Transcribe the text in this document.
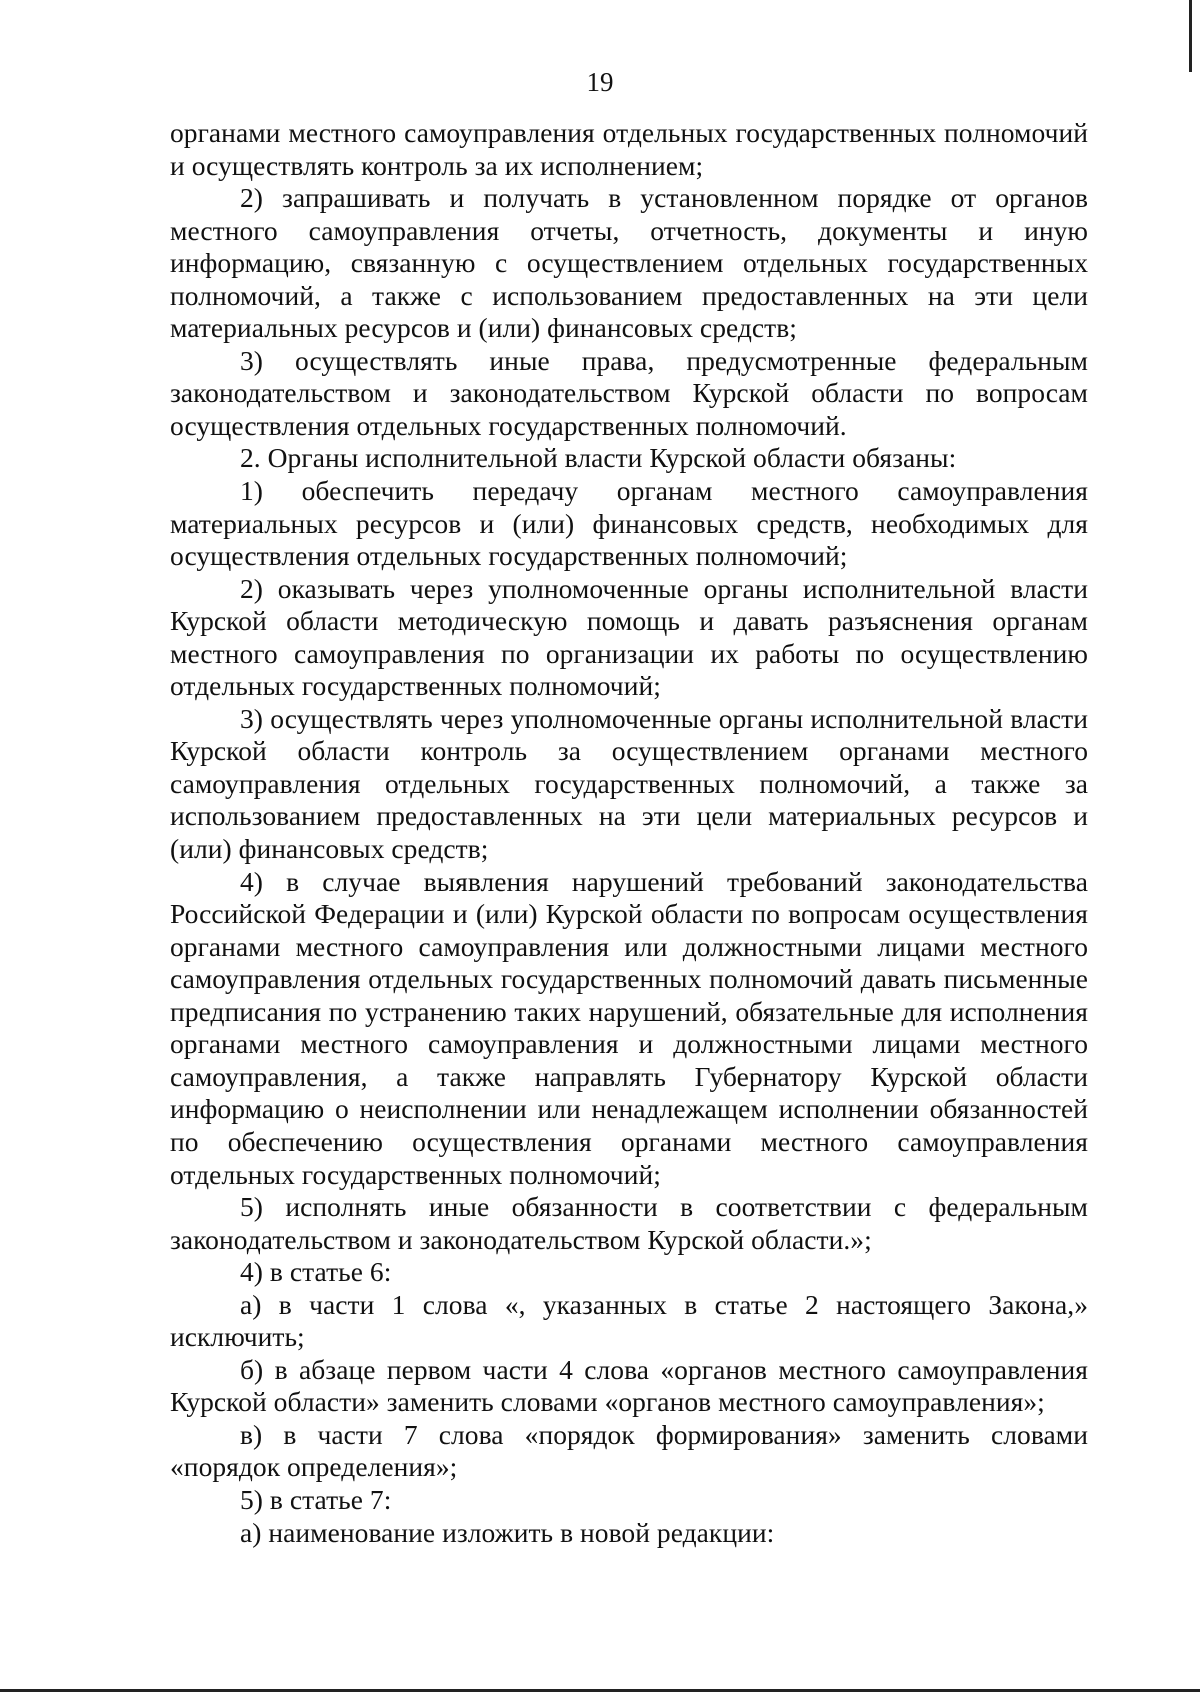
19

органами местного самоуправления отдельных государственных полномочий и осуществлять контроль за их исполнением;

2) запрашивать и получать в установленном порядке от органов местного самоуправления отчеты, отчетность, документы и иную информацию, связанную с осуществлением отдельных государственных полномочий, а также с использованием предоставленных на эти цели материальных ресурсов и (или) финансовых средств;

3) осуществлять иные права, предусмотренные федеральным законодательством и законодательством Курской области по вопросам осуществления отдельных государственных полномочий.

2. Органы исполнительной власти Курской области обязаны:

1) обеспечить передачу органам местного самоуправления материальных ресурсов и (или) финансовых средств, необходимых для осуществления отдельных государственных полномочий;

2) оказывать через уполномоченные органы исполнительной власти Курской области методическую помощь и давать разъяснения органам местного самоуправления по организации их работы по осуществлению отдельных государственных полномочий;

3) осуществлять через уполномоченные органы исполнительной власти Курской области контроль за осуществлением органами местного самоуправления отдельных государственных полномочий, а также за использованием предоставленных на эти цели материальных ресурсов и (или) финансовых средств;

4) в случае выявления нарушений требований законодательства Российской Федерации и (или) Курской области по вопросам осуществления органами местного самоуправления или должностными лицами местного самоуправления отдельных государственных полномочий давать письменные предписания по устранению таких нарушений, обязательные для исполнения органами местного самоуправления и должностными лицами местного самоуправления, а также направлять Губернатору Курской области информацию о неисполнении или ненадлежащем исполнении обязанностей по обеспечению осуществления органами местного самоуправления отдельных государственных полномочий;

5) исполнять иные обязанности в соответствии с федеральным законодательством и законодательством Курской области.»;

4) в статье 6:

а) в части 1 слова «, указанных в статье 2 настоящего Закона,» исключить;

б) в абзаце первом части 4 слова «органов местного самоуправления Курской области» заменить словами «органов местного самоуправления»;

в) в части 7 слова «порядок формирования» заменить словами «порядок определения»;

5) в статье 7:

а) наименование изложить в новой редакции:
